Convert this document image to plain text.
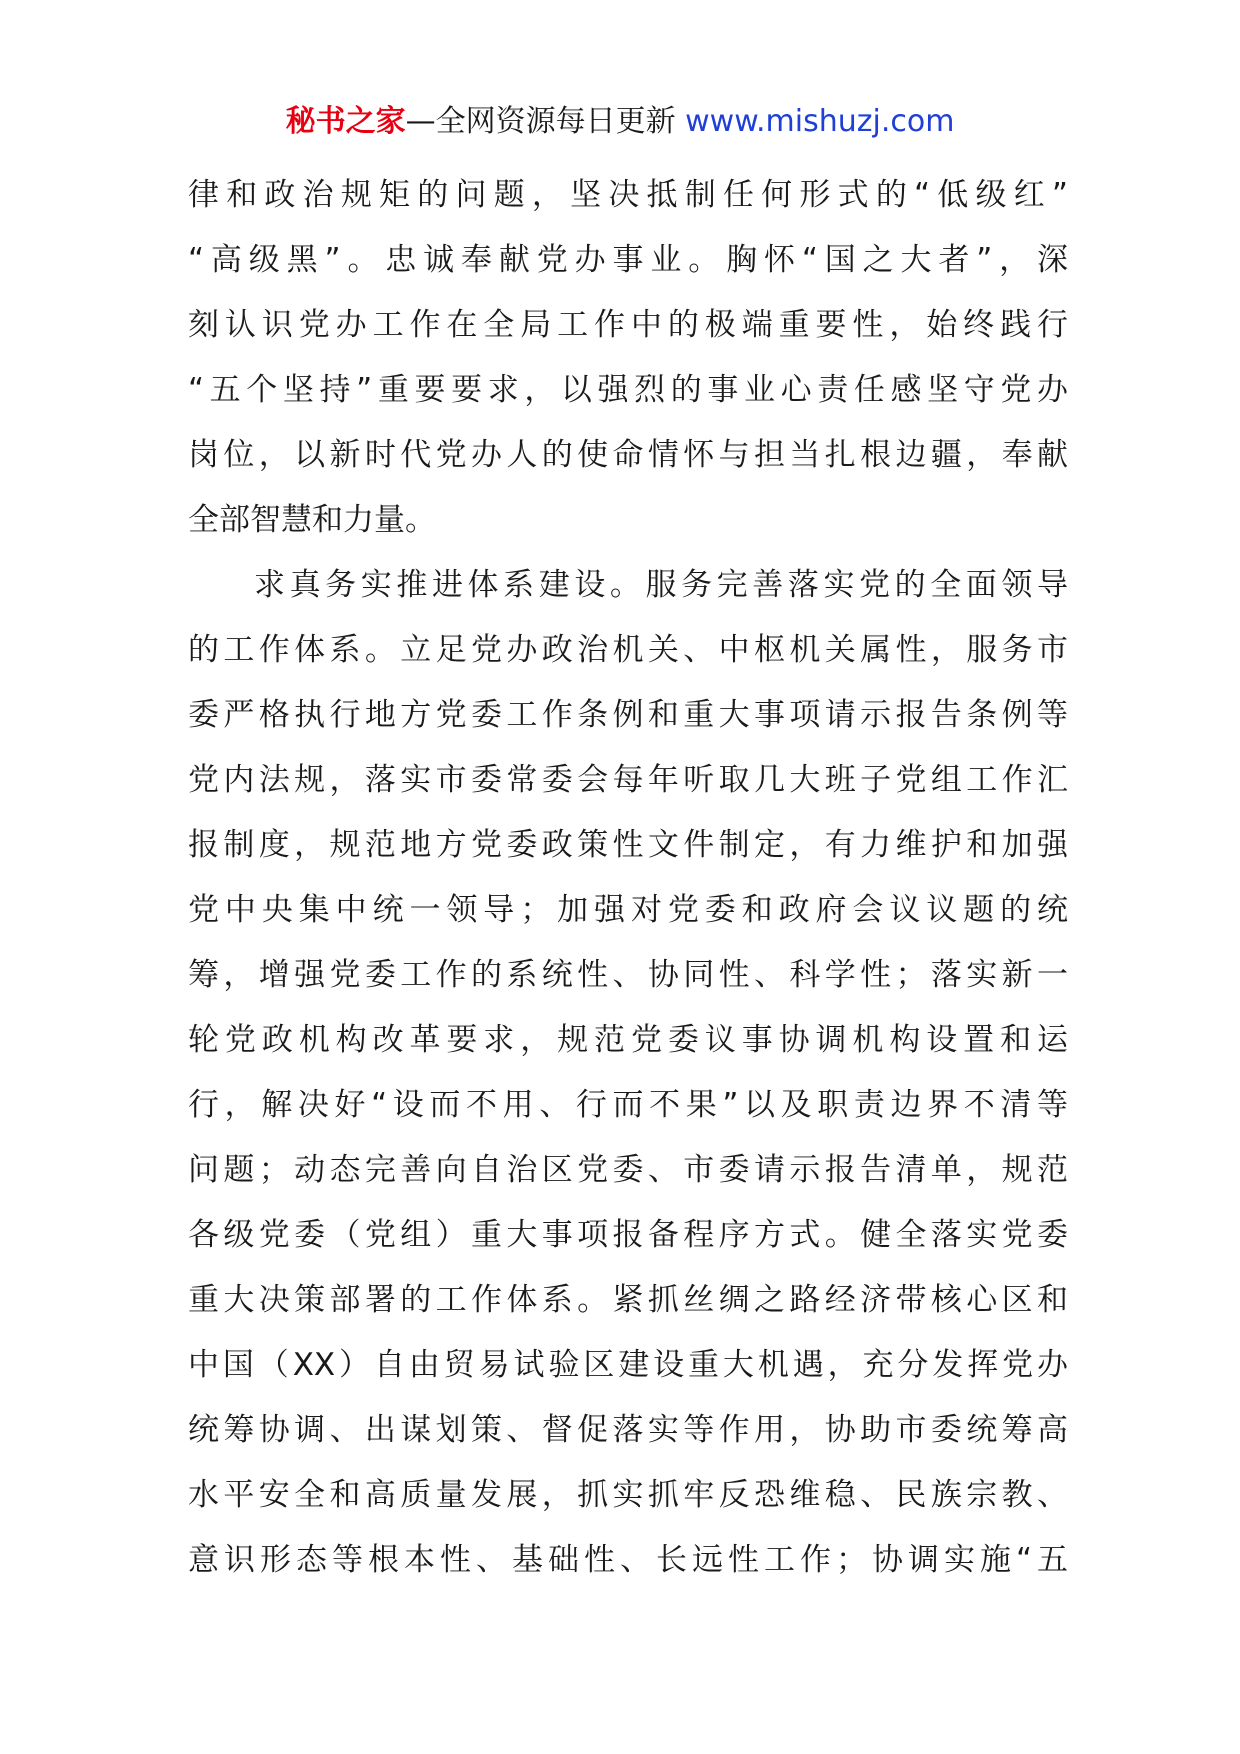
秘书之家—全网资源每日更新 www.mishuzj.com
律和政治规矩的问题，坚决抵制任何形式的“低级红”
“高级黑”。忠诚奉献党办事业。胸怀“国之大者”，深
刻认识党办工作在全局工作中的极端重要性，始终践行
“五个坚持”重要要求，以强烈的事业心责任感坚守党办
岗位，以新时代党办人的使命情怀与担当扎根边疆，奉献
全部智慧和力量。
求真务实推进体系建设。服务完善落实党的全面领导
的工作体系。立足党办政治机关、中枢机关属性，服务市
委严格执行地方党委工作条例和重大事项请示报告条例等
党内法规，落实市委常委会每年听取几大班子党组工作汇
报制度，规范地方党委政策性文件制定，有力维护和加强
党中央集中统一领导；加强对党委和政府会议议题的统
筹，增强党委工作的系统性、协同性、科学性；落实新一
轮党政机构改革要求，规范党委议事协调机构设置和运
行，解决好“设而不用、行而不果”以及职责边界不清等
问题；动态完善向自治区党委、市委请示报告清单，规范
各级党委（党组）重大事项报备程序方式。健全落实党委
重大决策部署的工作体系。紧抓丝绸之路经济带核心区和
中国（XX）自由贸易试验区建设重大机遇，充分发挥党办
统筹协调、出谋划策、督促落实等作用，协助市委统筹高
水平安全和高质量发展，抓实抓牢反恐维稳、民族宗教、
意识形态等根本性、基础性、长远性工作；协调实施“五
